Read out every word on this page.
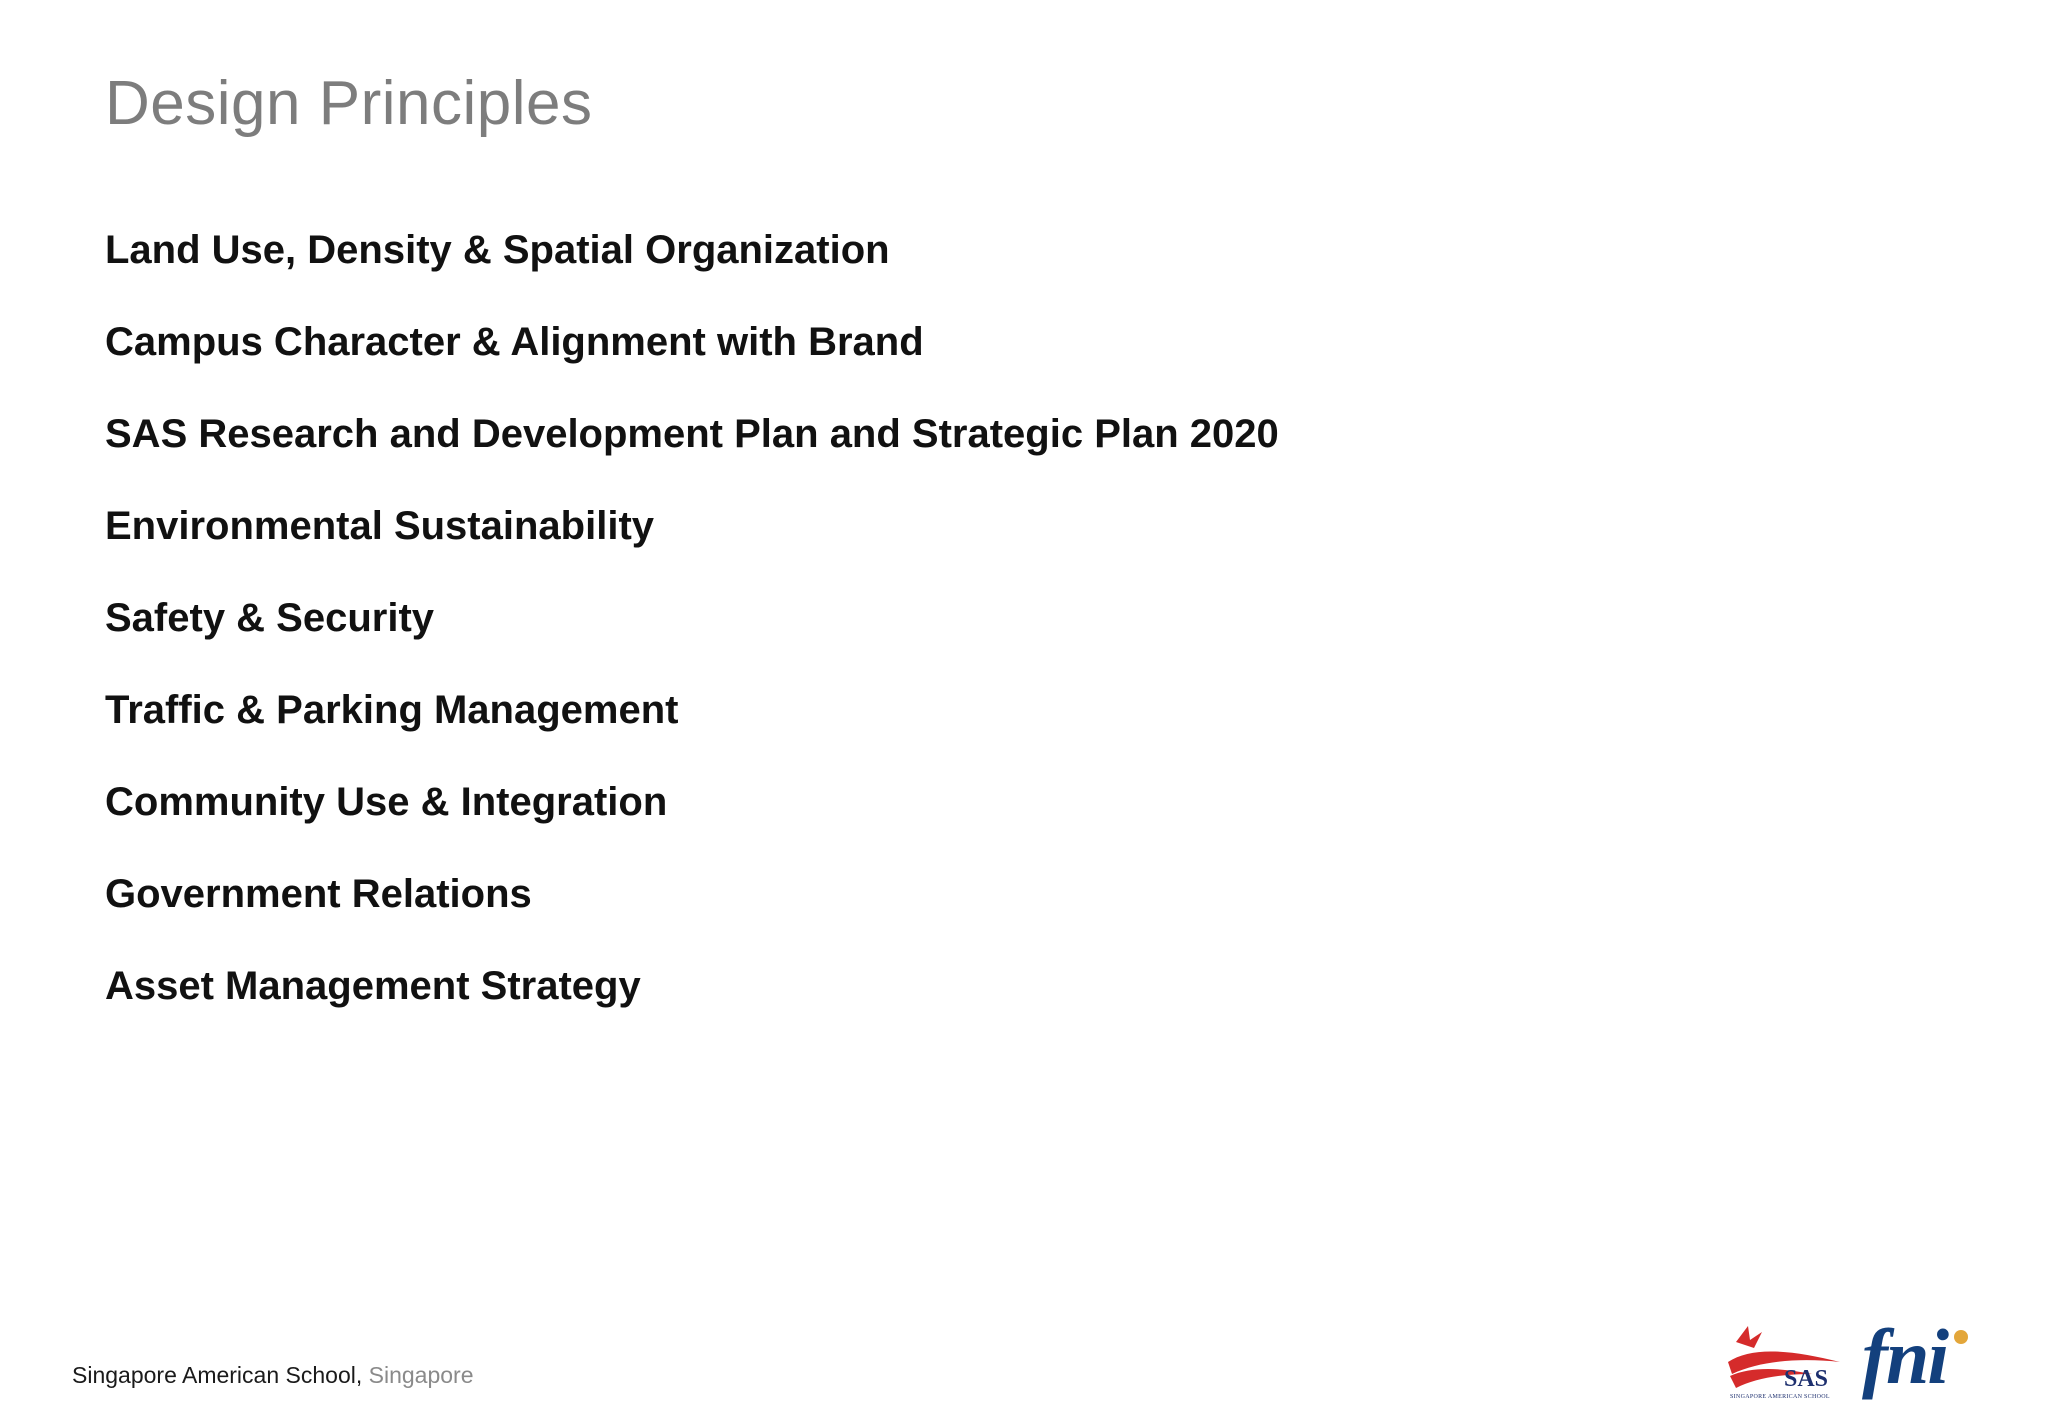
Design Principles
Land Use, Density & Spatial Organization
Campus Character & Alignment with Brand
SAS Research and Development Plan and Strategic Plan 2020
Environmental Sustainability
Safety & Security
Traffic & Parking Management
Community Use & Integration
Government Relations
Asset Management Strategy
Singapore American School, Singapore	SAS
SINGAPORE AMERICAN SCHOOL fni
